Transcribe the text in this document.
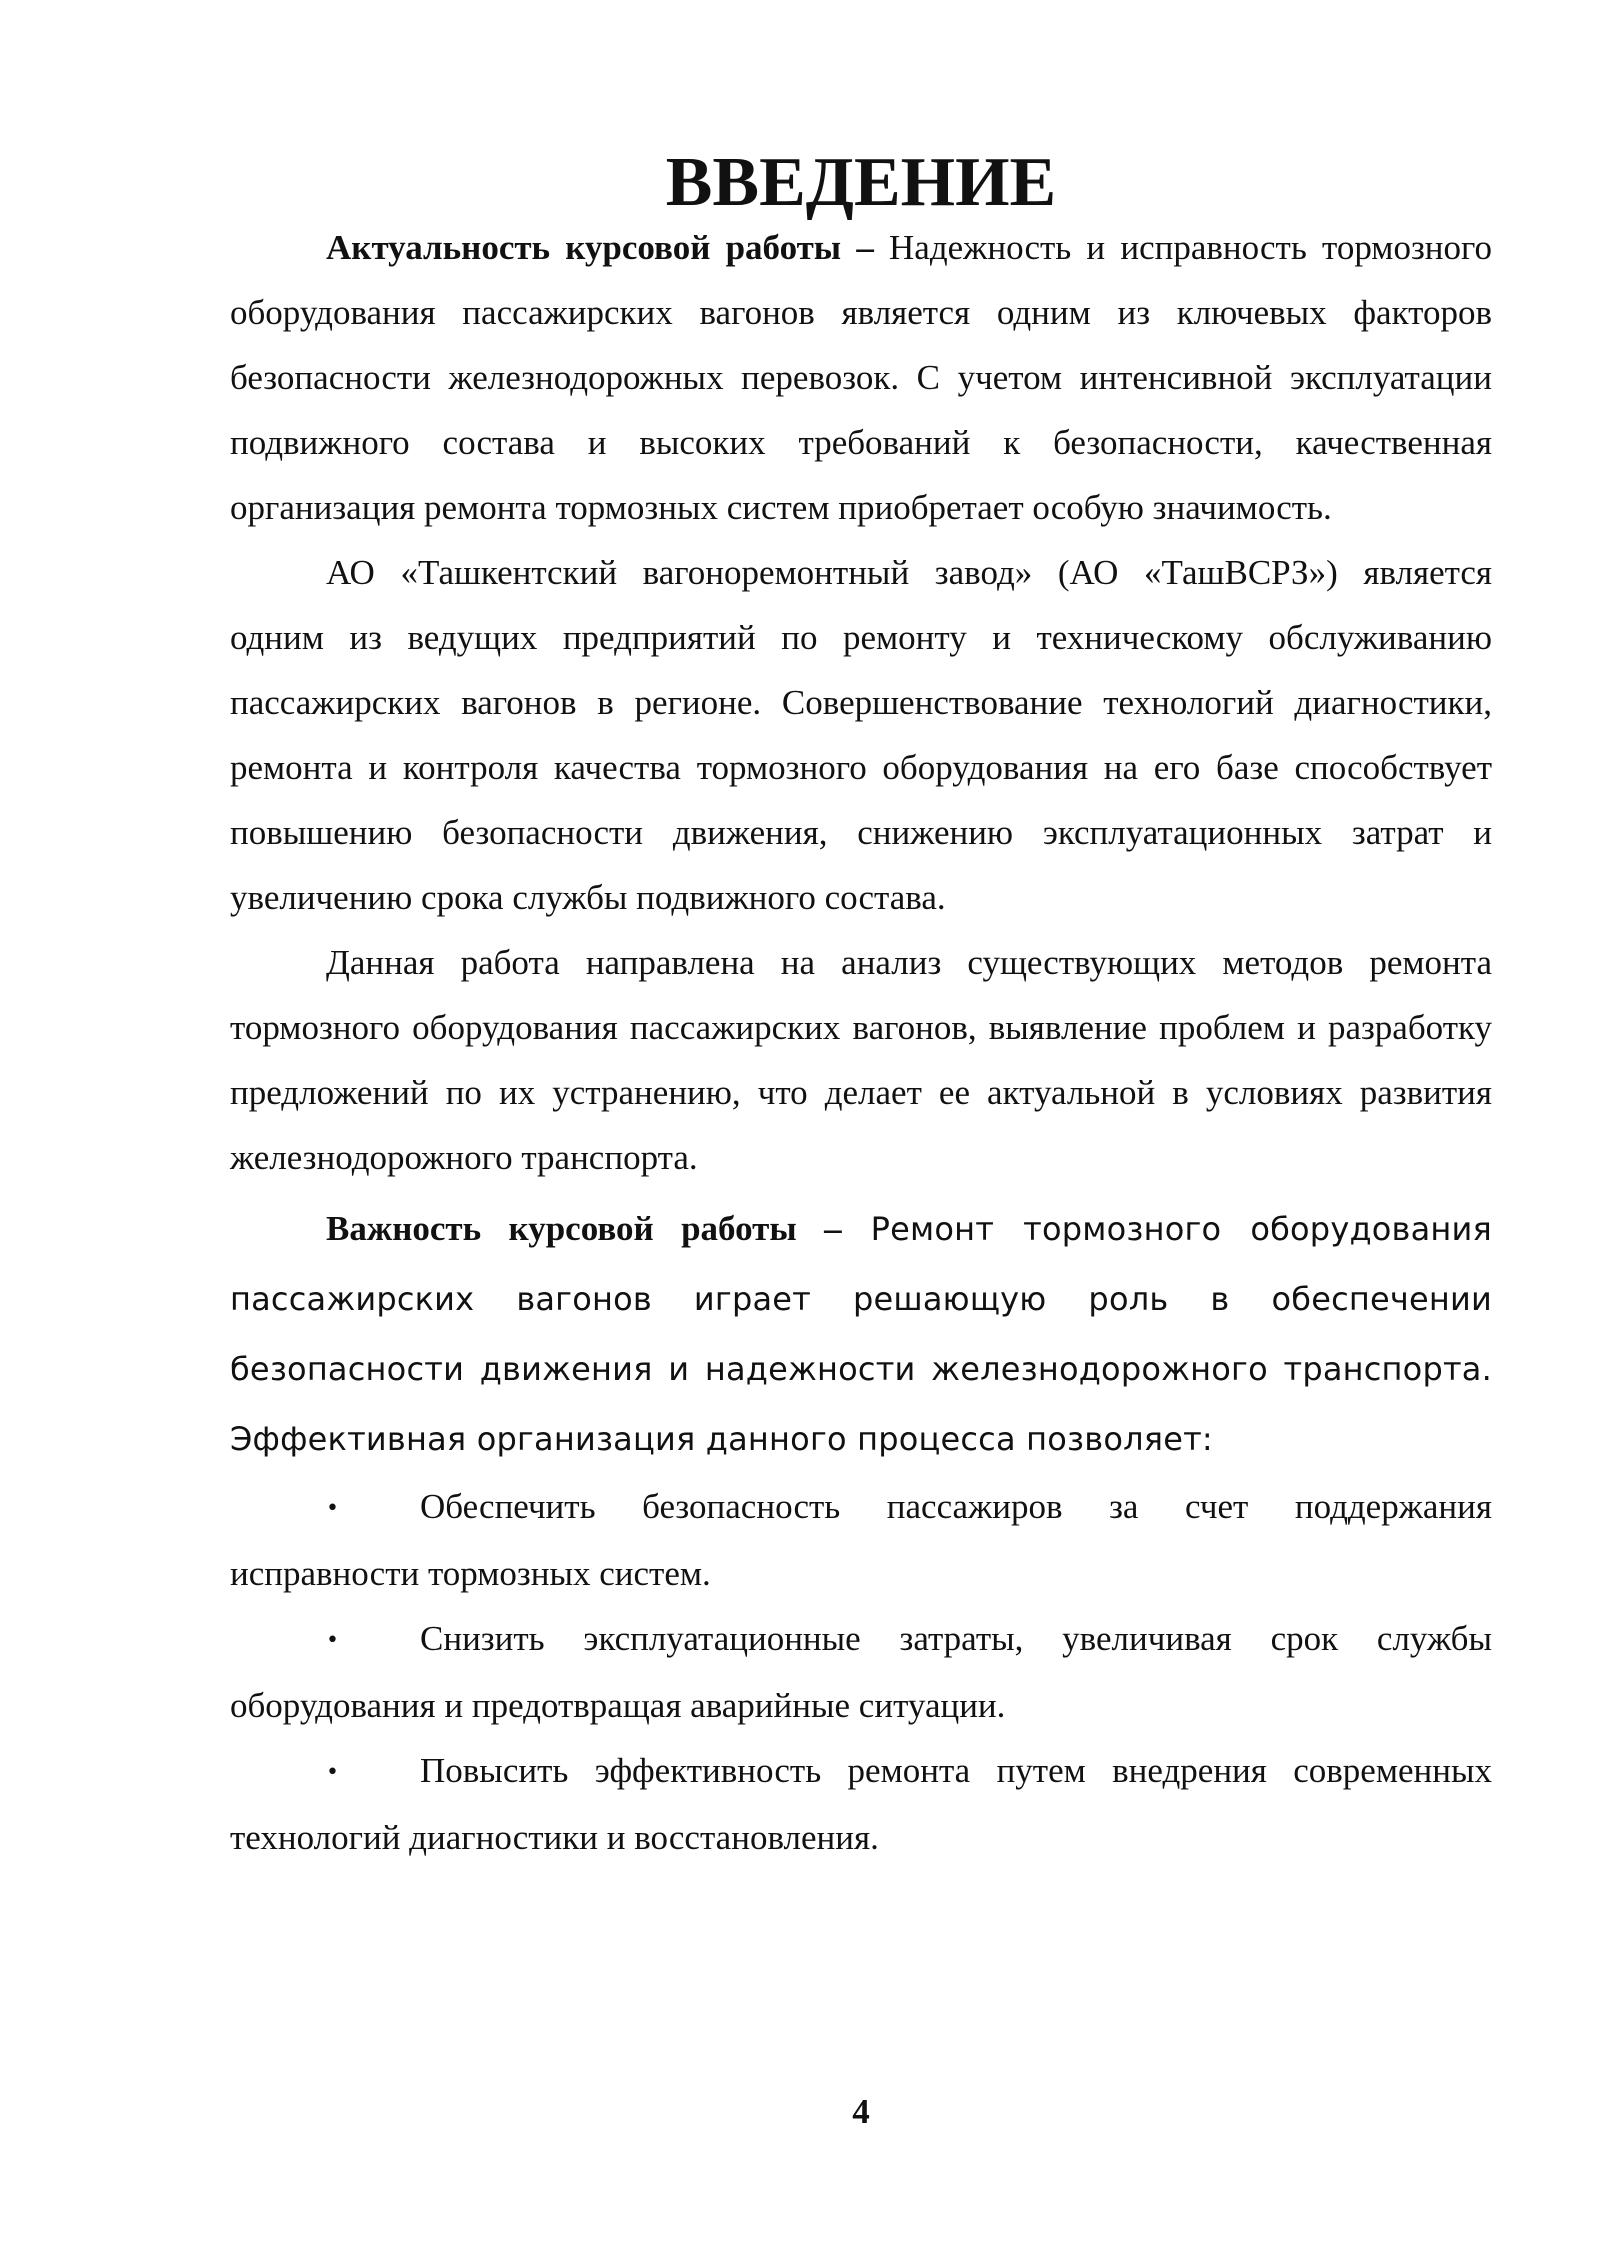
ВВЕДЕНИЕ

Актуальность курсовой работы – Надежность и исправность тормозного оборудования пассажирских вагонов является одним из ключевых факторов безопасности железнодорожных перевозок. С учетом интенсивной эксплуатации подвижного состава и высоких требований к безопасности, качественная организация ремонта тормозных систем приобретает особую значимость.

АО «Ташкентский вагоноремонтный завод» (АО «ТашВСРЗ») является одним из ведущих предприятий по ремонту и техническому обслуживанию пассажирских вагонов в регионе. Совершенствование технологий диагностики, ремонта и контроля качества тормозного оборудования на его базе способствует повышению безопасности движения, снижению эксплуатационных затрат и увеличению срока службы подвижного состава.

Данная работа направлена на анализ существующих методов ремонта тормозного оборудования пассажирских вагонов, выявление проблем и разработку предложений по их устранению, что делает ее актуальной в условиях развития железнодорожного транспорта.

Важность курсовой работы – Ремонт тормозного оборудования пассажирских вагонов играет решающую роль в обеспечении безопасности движения и надежности железнодорожного транспорта. Эффективная организация данного процесса позволяет:

• Обеспечить безопасность пассажиров за счет поддержания исправности тормозных систем.
• Снизить эксплуатационные затраты, увеличивая срок службы оборудования и предотвращая аварийные ситуации.
• Повысить эффективность ремонта путем внедрения современных технологий диагностики и восстановления.
4
